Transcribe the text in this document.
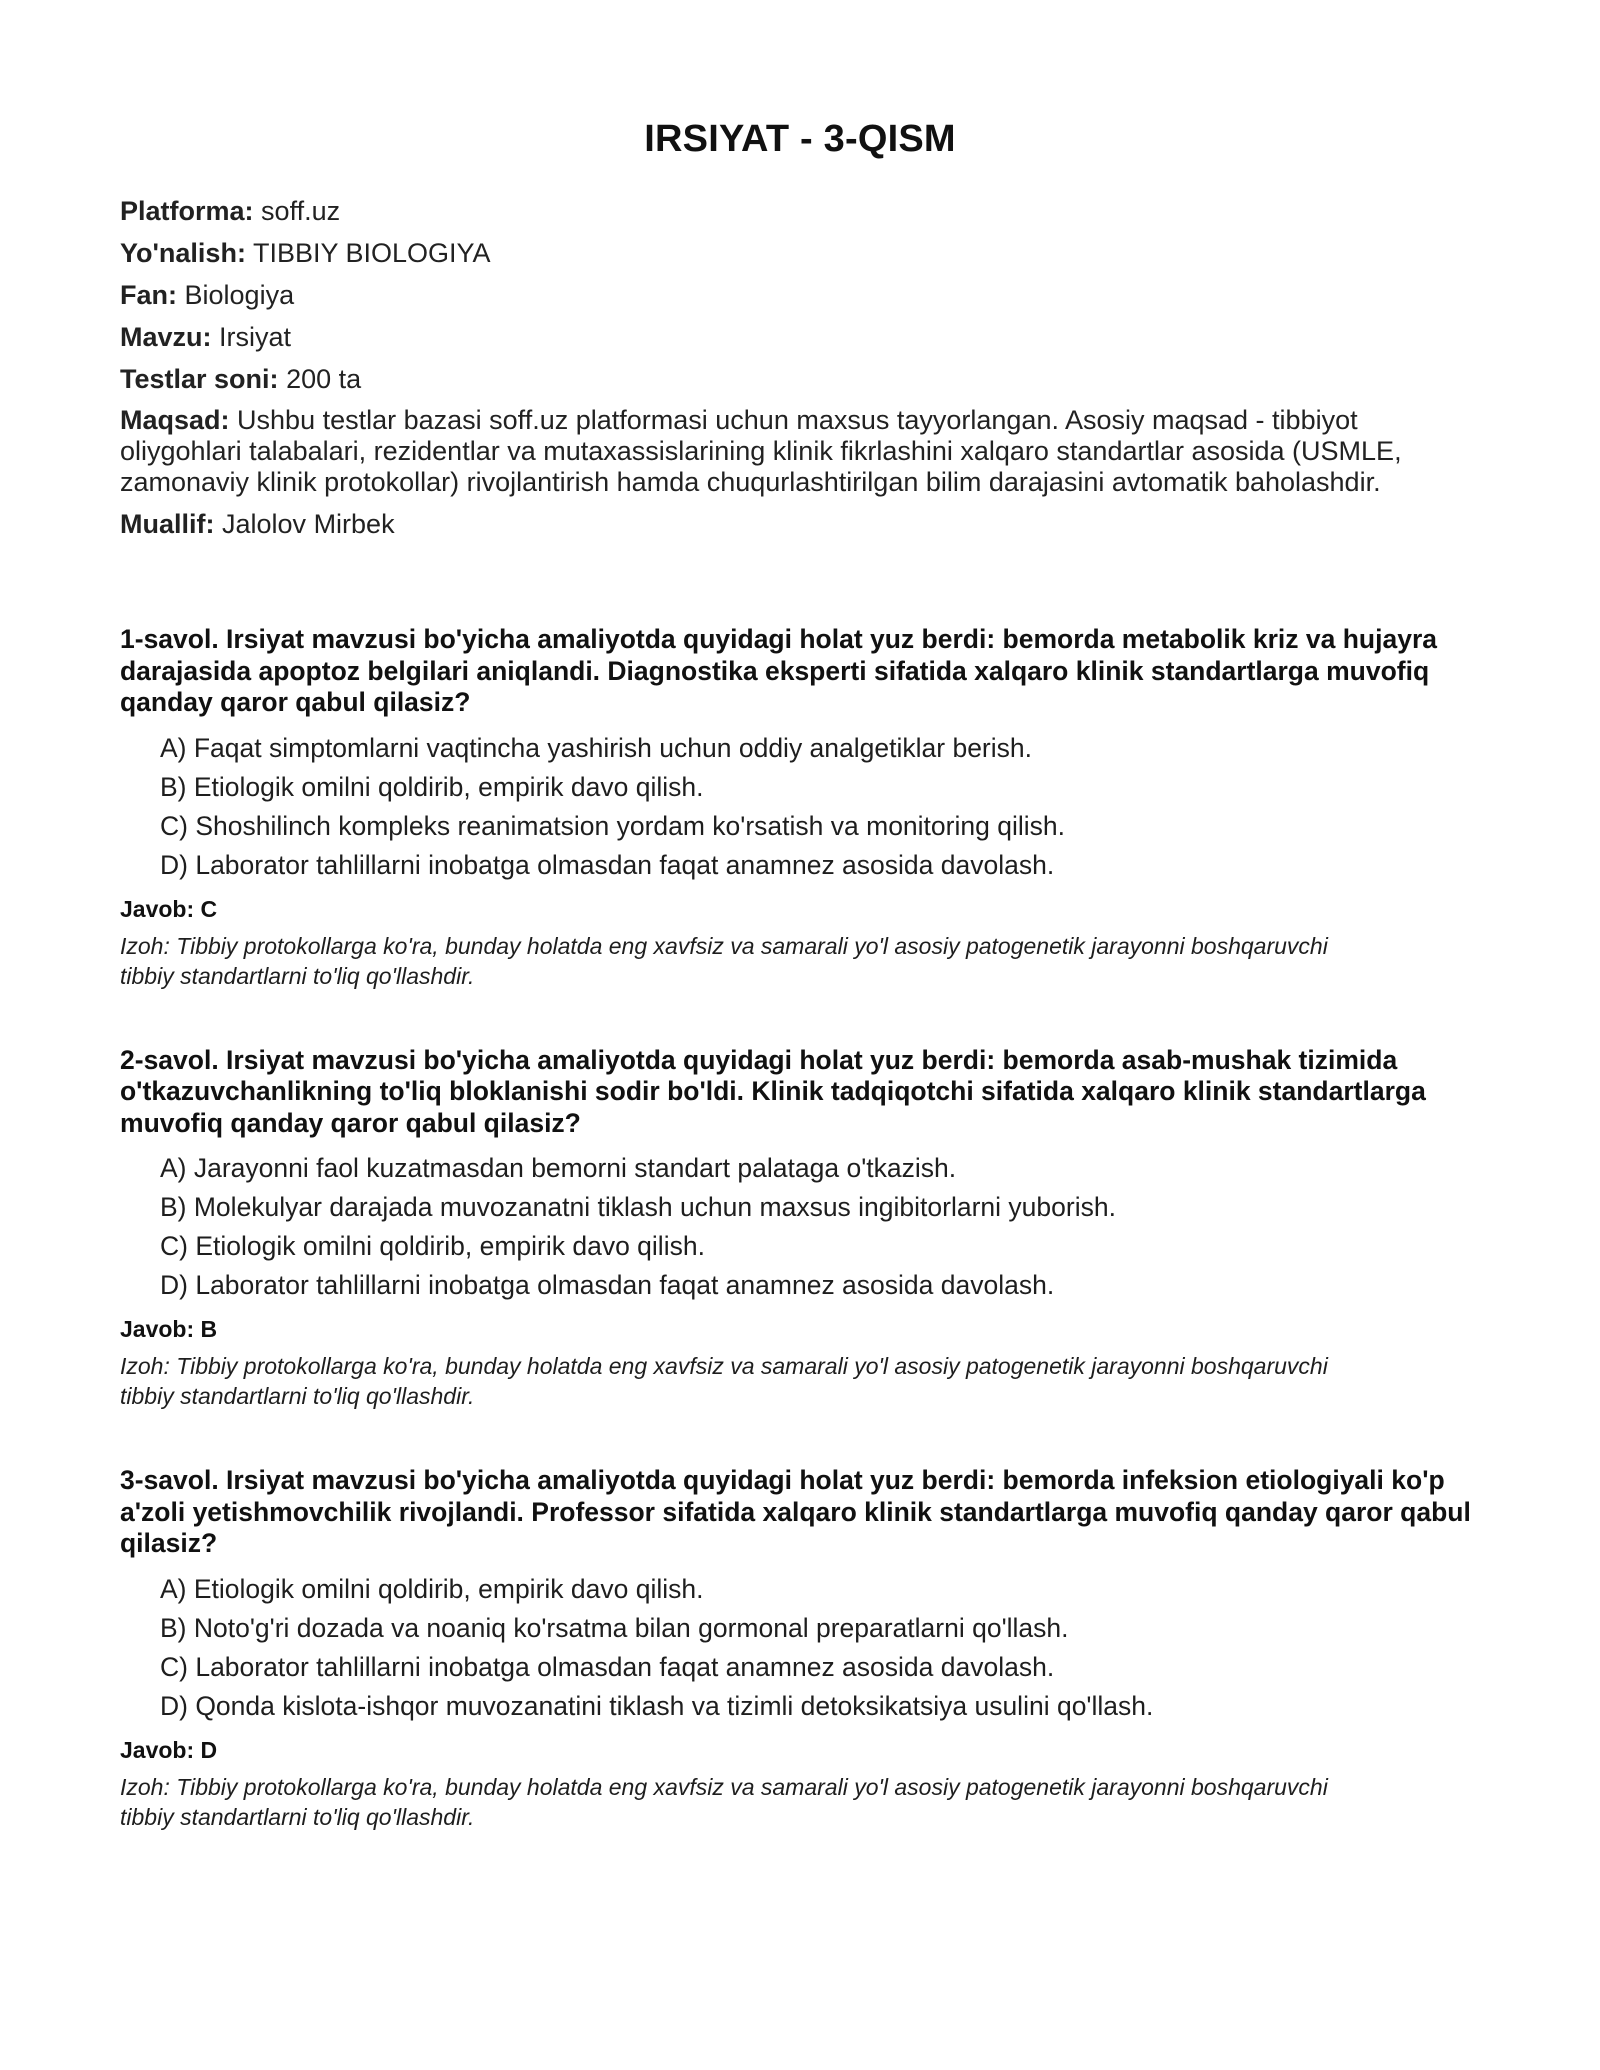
IRSIYAT - 3-QISM

Platforma: soff.uz

Yo'nalish: TIBBIY BIOLOGIYA

Fan: Biologiya

Mavzu: Irsiyat

Testlar soni: 200 ta

Maqsad: Ushbu testlar bazasi soff.uz platformasi uchun maxsus tayyorlangan. Asosiy maqsad - tibbiyot oliygohlari talabalari, rezidentlar va mutaxassislarining klinik fikrlashini xalqaro standartlar asosida (USMLE, zamonaviy klinik protokollar) rivojlantirish hamda chuqurlashtirilgan bilim darajasini avtomatik baholashdir.

Muallif: Jalolov Mirbek

1-savol. Irsiyat mavzusi bo'yicha amaliyotda quyidagi holat yuz berdi: bemorda metabolik kriz va hujayra darajasida apoptoz belgilari aniqlandi. Diagnostika eksperti sifatida xalqaro klinik standartlarga muvofiq qanday qaror qabul qilasiz?

A) Faqat simptomlarni vaqtincha yashirish uchun oddiy analgetiklar berish.
B) Etiologik omilni qoldirib, empirik davo qilish.
C) Shoshilinch kompleks reanimatsion yordam ko'rsatish va monitoring qilish.
D) Laborator tahlillarni inobatga olmasdan faqat anamnez asosida davolash.

Javob: C

Izoh: Tibbiy protokollarga ko'ra, bunday holatda eng xavfsiz va samarali yo'l asosiy patogenetik jarayonni boshqaruvchi tibbiy standartlarni to'liq qo'llashdir.

2-savol. Irsiyat mavzusi bo'yicha amaliyotda quyidagi holat yuz berdi: bemorda asab-mushak tizimida o'tkazuvchanlikning to'liq bloklanishi sodir bo'ldi. Klinik tadqiqotchi sifatida xalqaro klinik standartlarga muvofiq qanday qaror qabul qilasiz?

A) Jarayonni faol kuzatmasdan bemorni standart palataga o'tkazish.
B) Molekulyar darajada muvozanatni tiklash uchun maxsus ingibitorlarni yuborish.
C) Etiologik omilni qoldirib, empirik davo qilish.
D) Laborator tahlillarni inobatga olmasdan faqat anamnez asosida davolash.

Javob: B

Izoh: Tibbiy protokollarga ko'ra, bunday holatda eng xavfsiz va samarali yo'l asosiy patogenetik jarayonni boshqaruvchi tibbiy standartlarni to'liq qo'llashdir.

3-savol. Irsiyat mavzusi bo'yicha amaliyotda quyidagi holat yuz berdi: bemorda infeksion etiologiyali ko'p a'zoli yetishmovchilik rivojlandi. Professor sifatida xalqaro klinik standartlarga muvofiq qanday qaror qabul qilasiz?

A) Etiologik omilni qoldirib, empirik davo qilish.
B) Noto'g'ri dozada va noaniq ko'rsatma bilan gormonal preparatlarni qo'llash.
C) Laborator tahlillarni inobatga olmasdan faqat anamnez asosida davolash.
D) Qonda kislota-ishqor muvozanatini tiklash va tizimli detoksikatsiya usulini qo'llash.

Javob: D

Izoh: Tibbiy protokollarga ko'ra, bunday holatda eng xavfsiz va samarali yo'l asosiy patogenetik jarayonni boshqaruvchi tibbiy standartlarni to'liq qo'llashdir.
